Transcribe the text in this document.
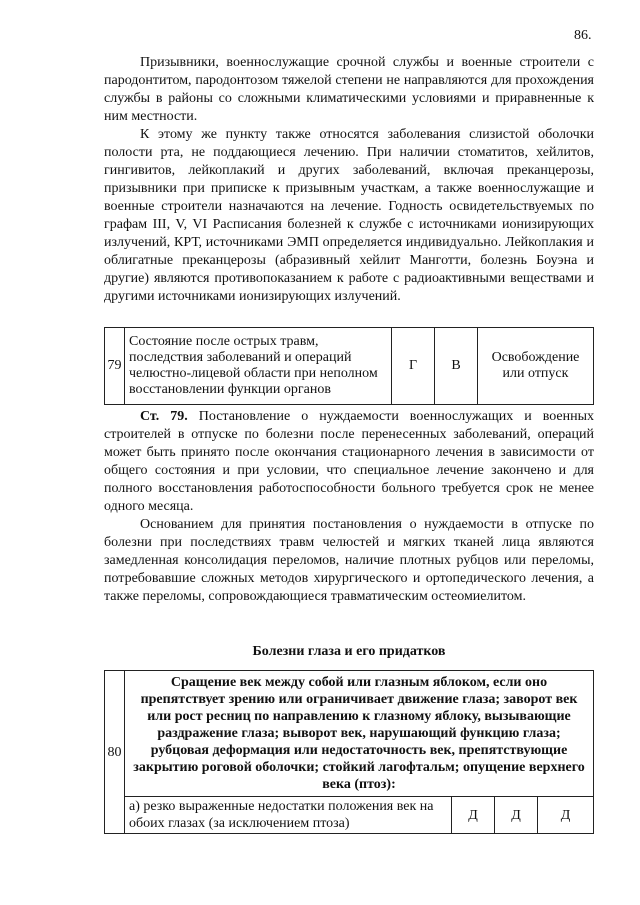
86.

Призывники, военнослужащие срочной службы и военные строители с пародонтитом, пародонтозом тяжелой степени не направляются для прохождения службы в районы со сложными климатическими условиями и приравненные к ним местности.

К этому же пункту также относятся заболевания слизистой оболочки полости рта, не поддающиеся лечению. При наличии стоматитов, хейлитов, гингивитов, лейкоплакий и других заболеваний, включая преканцерозы, призывники при приписке к призывным участкам, а также военнослужащие и военные строители назначаются на лечение. Годность освидетельствуемых по графам III, V, VI Расписания болезней к службе с источниками ионизирующих излучений, КРТ, источниками ЭМП определяется индивидуально. Лейкоплакия и облигатные преканцерозы (абразивный хейлит Манготти, болезнь Боуэна и другие) являются противопоказанием к работе с радиоактивными веществами и другими источниками ионизирующих излучений.

79	Состояние после острых травм, последствия заболеваний и операций челюстно-лицевой области при неполном восстановлении функции органов	Г	В	Освобождение или отпуск

Ст. 79. Постановление о нуждаемости военнослужащих и военных строителей в отпуске по болезни после перенесенных заболеваний, операций может быть принято после окончания стационарного лечения в зависимости от общего состояния и при условии, что специальное лечение закончено и для полного восстановления работоспособности больного требуется срок не менее одного месяца.

Основанием для принятия постановления о нуждаемости в отпуске по болезни при последствиях травм челюстей и мягких тканей лица являются замедленная консолидация переломов, наличие плотных рубцов или переломы, потребовавшие сложных методов хирургического и ортопедического лечения, а также переломы, сопровождающиеся травматическим остеомиелитом.

Болезни глаза и его придатков
80	Сращение век между собой или глазным яблоком, если оно препятствует зрению или ограничивает движение глаза; заворот век или рост ресниц по направлению к глазному яблоку, вызывающие раздражение глаза; выворот век, нарушающий функцию глаза; рубцовая деформация или недостаточность век, препятствующие закрытию роговой оболочки; стойкий лагофтальм; опущение верхнего века (птоз):			
	а) резко выраженные недостатки положения век на обоих глазах (за исключением птоза)	Д	Д	Д
